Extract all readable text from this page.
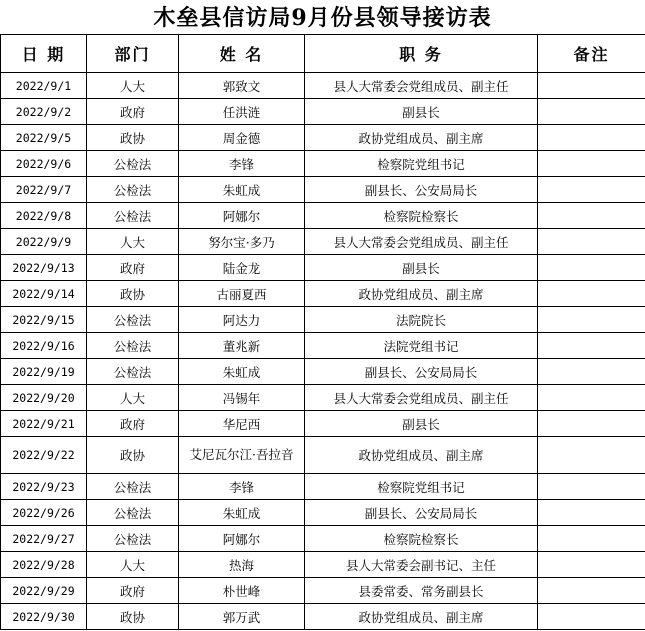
木垒县信访局9月份县领导接访表
日 期	部门	姓 名	职 务	备注
2022/9/1	人大	郭致文	县人大常委会党组成员、副主任	
2022/9/2	政府	任洪涟	副县长	
2022/9/5	政协	周金德	政协党组成员、副主席	
2022/9/6	公检法	李锋	检察院党组书记	
2022/9/7	公检法	朱虹成	副县长、公安局局长	
2022/9/8	公检法	阿娜尔	检察院检察长	
2022/9/9	人大	努尔宝·多乃	县人大常委会党组成员、副主任	
2022/9/13	政府	陆金龙	副县长	
2022/9/14	政协	古丽夏西	政协党组成员、副主席	
2022/9/15	公检法	阿达力	法院院长	
2022/9/16	公检法	董兆新	法院党组书记	
2022/9/19	公检法	朱虹成	副县长、公安局局长	
2022/9/20	人大	冯锡年	县人大常委会党组成员、副主任	
2022/9/21	政府	华尼西	副县长	
2022/9/22	政协	艾尼瓦尔江·吾拉音	政协党组成员、副主席	
2022/9/23	公检法	李锋	检察院党组书记	
2022/9/26	公检法	朱虹成	副县长、公安局局长	
2022/9/27	公检法	阿娜尔	检察院检察长	
2022/9/28	人大	热海	县人大常委会副书记、主任	
2022/9/29	政府	朴世峰	县委常委、常务副县长	
2022/9/30	政协	郭万武	政协党组成员、副主席	
